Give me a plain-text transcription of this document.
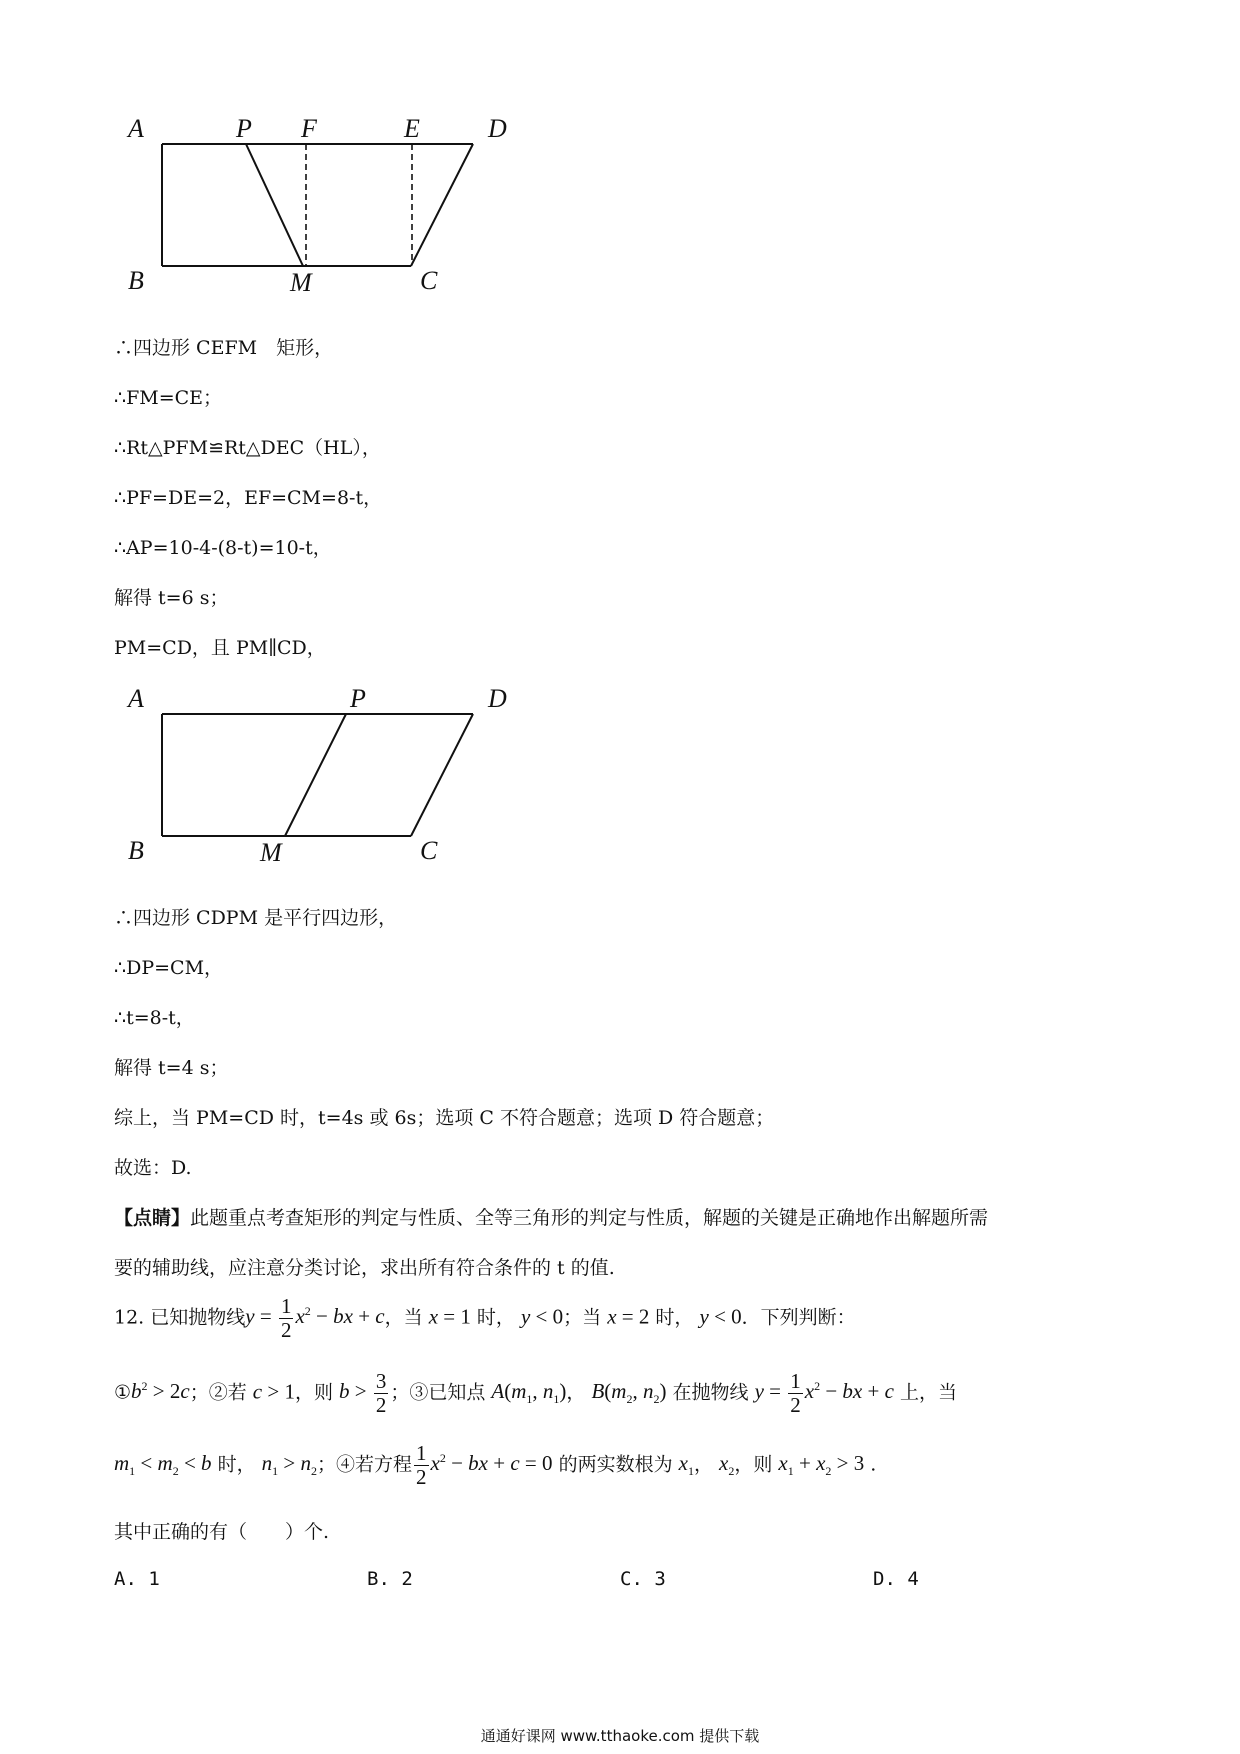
A	P F	E	D
B	M	C
∴四边形 CEFM　矩形，
∴FM=CE；
∴Rt△PFM≌Rt△DEC（HL），
∴PF=DE=2，EF=CM=8-t，
∴AP=10-4-(8-t)=10-t，
解得 t=6 s；
PM=CD，且 PM∥CD，
A	P	D
B	M	C
∴四边形 CDPM 是平行四边形，
∴DP=CM，
∴t=8-t，
解得 t=4 s；
综上，当 PM=CD 时，t=4s 或 6s；选项 C 不符合题意；选项 D 符合题意；
故选：D.
【点睛】此题重点考查矩形的判定与性质、全等三角形的判定与性质，解题的关键是正确地作出解题所需
要的辅助线，应注意分类讨论，求出所有符合条件的 t 的值.
12. 已知抛物线$y = \frac{1}{2} x^2$ − bx + c，当 x = 1 时， y < 0；当 x = 2 时， y < 0．下列判断：
$①b^2 > 2c$；②若 c > 1，则 $b > \frac{3}{2}$ ；③已知点 $A(m_1$, $n_1$)， $B(m_2$, $n_2$) 在抛物线 $y = \frac{1}{2} x^2$ − bx + c 上，当
$m_1 < m_2 < b$ 时， $n_1 > n_2$；④若方程 $\frac{1}{2} x^2$ − bx + c = 0 的两实数根为 $x_1$， $x_2$，则 $x_1 + x_2 > 3$ .
其中正确的有（　　）个.
A. 1	B. 2	C. 3	D. 4
通通好课网 www.tthaoke.com 提供下载
